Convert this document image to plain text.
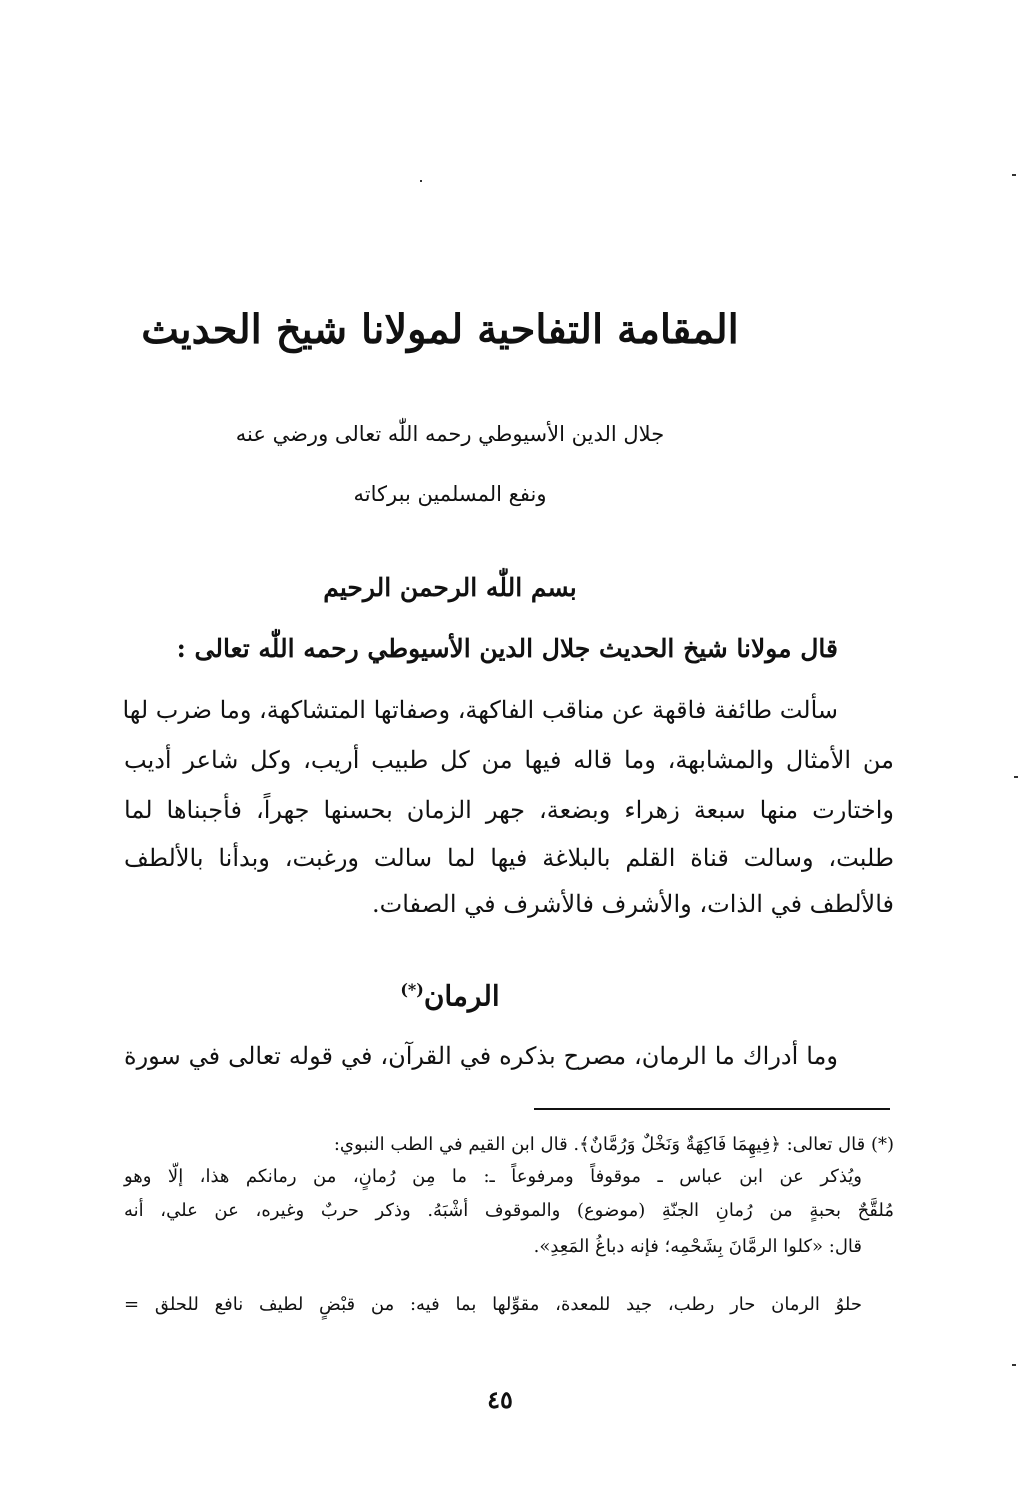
المقامة التفاحية لمولانا شيخ الحديث

جلال الدين الأسيوطي رحمه اللّٰه تعالى ورضي عنه

ونفع المسلمين ببركاته

بسم اللّٰه الرحمن الرحيم

قال مولانا شيخ الحديث جلال الدين الأسيوطي رحمه اللّٰه تعالى :

سألت طائفة فاقهة عن مناقب الفاكهة، وصفاتها المتشاكهة، وما ضرب لها

من الأمثال والمشابهة، وما قاله فيها من كل طبيب أريب، وكل شاعر أديب

واختارت منها سبعة زهراء وبضعة، جهر الزمان بحسنها جهراً، فأجبناها لما

طلبت، وسالت قناة القلم بالبلاغة فيها لما سالت ورغبت، وبدأنا بالألطف

فالألطف في الذات، والأشرف فالأشرف في الصفات.

الرمان(*)

وما أدراك ما الرمان، مصرح بذكره في القرآن، في قوله تعالى في سورة

(*) قال تعالى: ﴿فِيهِمَا فَاكِهَةٌ وَنَخْلٌ وَرُمَّانٌ﴾. قال ابن القيم في الطب النبوي:

ويُذكر عن ابن عباس ـ موقوفاً ومرفوعاً ـ: ما مِن رُمانٍ، من رمانكم هذا، إلّا وهو

مُلقَّحٌ بحبةٍ من رُمانِ الجنّةِ (موضوع) والموقوف أشْبَهُ. وذكر حربٌ وغيره، عن علي، أنه

قال: «كلوا الرمَّانَ بِشَحْمِه؛ فإنه دباغُ المَعِدِ».

حلوُ الرمان حار رطب، جيد للمعدة، مقوِّلها بما فيه: من قبْضٍ لطيف نافع للحلق =

٤٥
